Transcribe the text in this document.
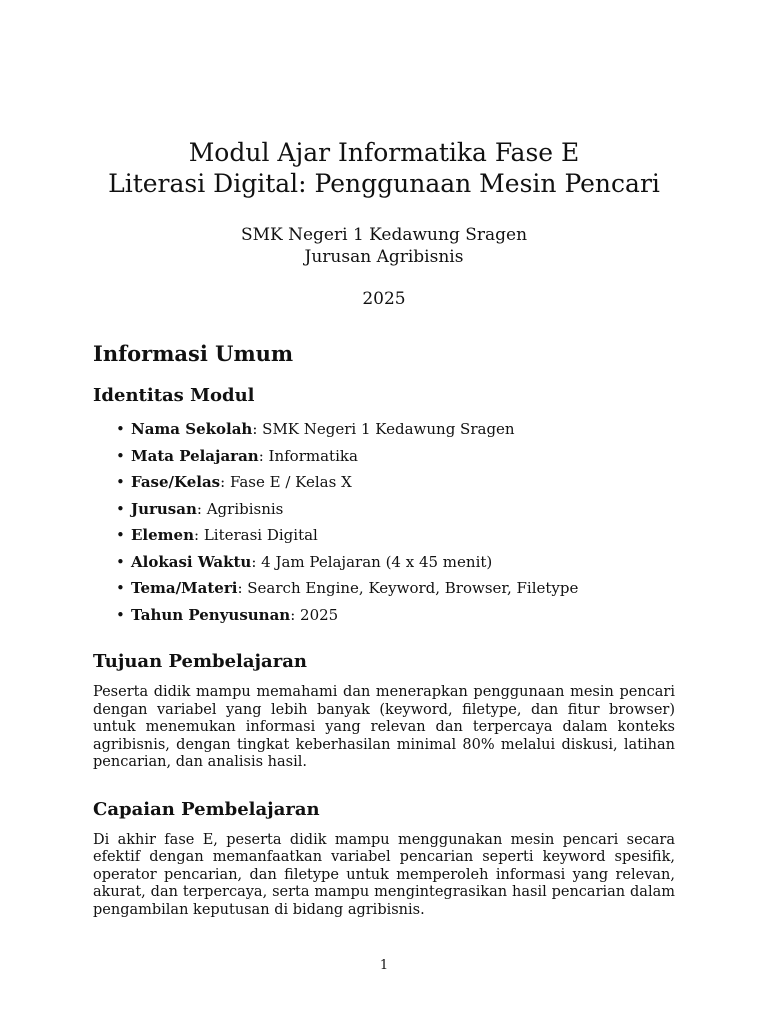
Modul Ajar Informatika Fase E
Literasi Digital: Penggunaan Mesin Pencari
SMK Negeri 1 Kedawung Sragen
Jurusan Agribisnis
2025
Informasi Umum
Identitas Modul
• Nama Sekolah: SMK Negeri 1 Kedawung Sragen
• Mata Pelajaran: Informatika
• Fase/Kelas: Fase E / Kelas X
• Jurusan: Agribisnis
• Elemen: Literasi Digital
• Alokasi Waktu: 4 Jam Pelajaran (4 x 45 menit)
• Tema/Materi: Search Engine, Keyword, Browser, Filetype
• Tahun Penyusunan: 2025
Tujuan Pembelajaran

Peserta didik mampu memahami dan menerapkan penggunaan mesin pencari dengan variabel yang lebih banyak (keyword, filetype, dan fitur browser) untuk menemukan informasi yang relevan dan terpercaya dalam konteks agribisnis, dengan tingkat keberhasilan minimal 80% melalui diskusi, latihan pencarian, dan analisis hasil.

Capaian Pembelajaran

Di akhir fase E, peserta didik mampu menggunakan mesin pencari secara efektif dengan memanfaatkan variabel pencarian seperti keyword spesifik, operator pencarian, dan filetype untuk memperoleh informasi yang relevan, akurat, dan terpercaya, serta mampu mengintegrasikan hasil pencarian dalam pengambilan keputusan di bidang agribisnis.

1
